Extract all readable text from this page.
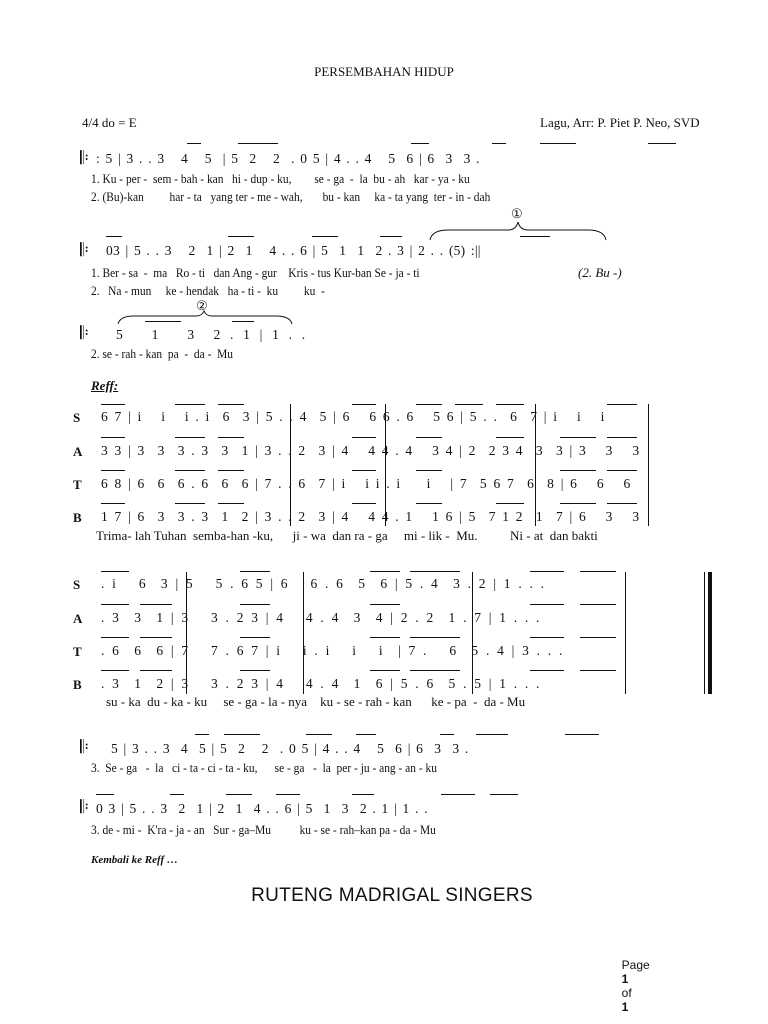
PERSEMBAHAN HIDUP
4/4 do = E	Lagu, Arr: P. Piet P. Neo, SVD
𝄆 : 5 | 3 . . 3   4   5  | 5  2   2  . 0 5 | 4 . . 4   5  6 | 6  3  3 .
1. Ku - per -  sem - bah - kan   hi - dup - ku,        se - ga  -  la  bu - ah   kar - ya - ku
2. (Bu)-kan         har - ta   yang ter - me - wah,       bu - kan     ka - ta yang  ter - in - dah
①
𝄆 03 | 5 . . 3   2  1 | 2  1   4 . . 6 | 5  1  1  2 . 3 | 2 . . (5) :||
1. Ber - sa  -  ma   Ro - ti   dan Ang - gur    Kris - tus Kur-ban Se - ja - ti	(2. Bu -)
2.   Na - mun     ke - hendak   ha - ti -  ku         ku  -
②
𝄆 5   1   3  2 . 1 | 1 . .
2. se - rah - kan  pa  -  da -  Mu
Reff:
S
A
T
B
6 7 | i   i   i . i  6  3 | 5 . . 4  5 | 6   6 6 . 6   5 6 | 5 . .  6  7 | i   i   i
3 3 | 3  3  3 . 3  3  1 | 3 . . 2  3 | 4   4 4 . 4   3 4 | 2  2 3 4  3  3 | 3   3   3
6 8 | 6  6  6 . 6  6  6 | 7 . . 6  7 | i   i i . i    i   | 7  5 6 7  6  8 | 6   6   6
1 7 | 6  3  3 . 3  1  2 | 3 . . 2  3 | 4   4 4 . 1   1 6 | 5  7 1 2  1  7 | 6   3   3
Trima- lah Tuhan  semba-han -ku,      ji - wa  dan ra - ga     mi - lik -  Mu.          Ni - at  dan bakti
S
A
T
B
. i   6  3 | 5   5 . 6 5 | 6   6 . 6  5  6 | 5 . 4  3 . 2 | 1 . . .
. 3  3  1 | 3   3 . 2 3 | 4   4 . 4  3  4 | 2 . 2  1 . 7 | 1 . . .
. 6  6  6 | 7   7 . 6 7 | i   i . i   i   i  | 7 .   6  5 . 4 | 3 . . .
. 3  1  2 | 3   3 . 2 3 | 4   4 . 4  1  6 | 5 . 6  5 . 5 | 1 . . .
su - ka  du - ka - ku     se - ga - la - nya    ku - se - rah - kan      ke - pa  -  da - Mu
𝄆 5 | 3 . . 3  4  5 | 5  2   2  . 0 5 | 4 . . 4   5  6 | 6  3  3 .
3.  Se - ga   -  la   ci - ta - ci - ta - ku,      se - ga   -  la  per - ju - ang - an - ku
𝄆 0 3 | 5 . . 3  2  1 | 2  1  4 . . 6 | 5  1  3  2 . 1 | 1 . .
3. de - mi -  K'ra - ja - an   Sur - ga–Mu          ku - se - rah–kan pa - da - Mu
Kembali ke Reff …
RUTENG MADRIGAL SINGERS

Page
1
of
1
